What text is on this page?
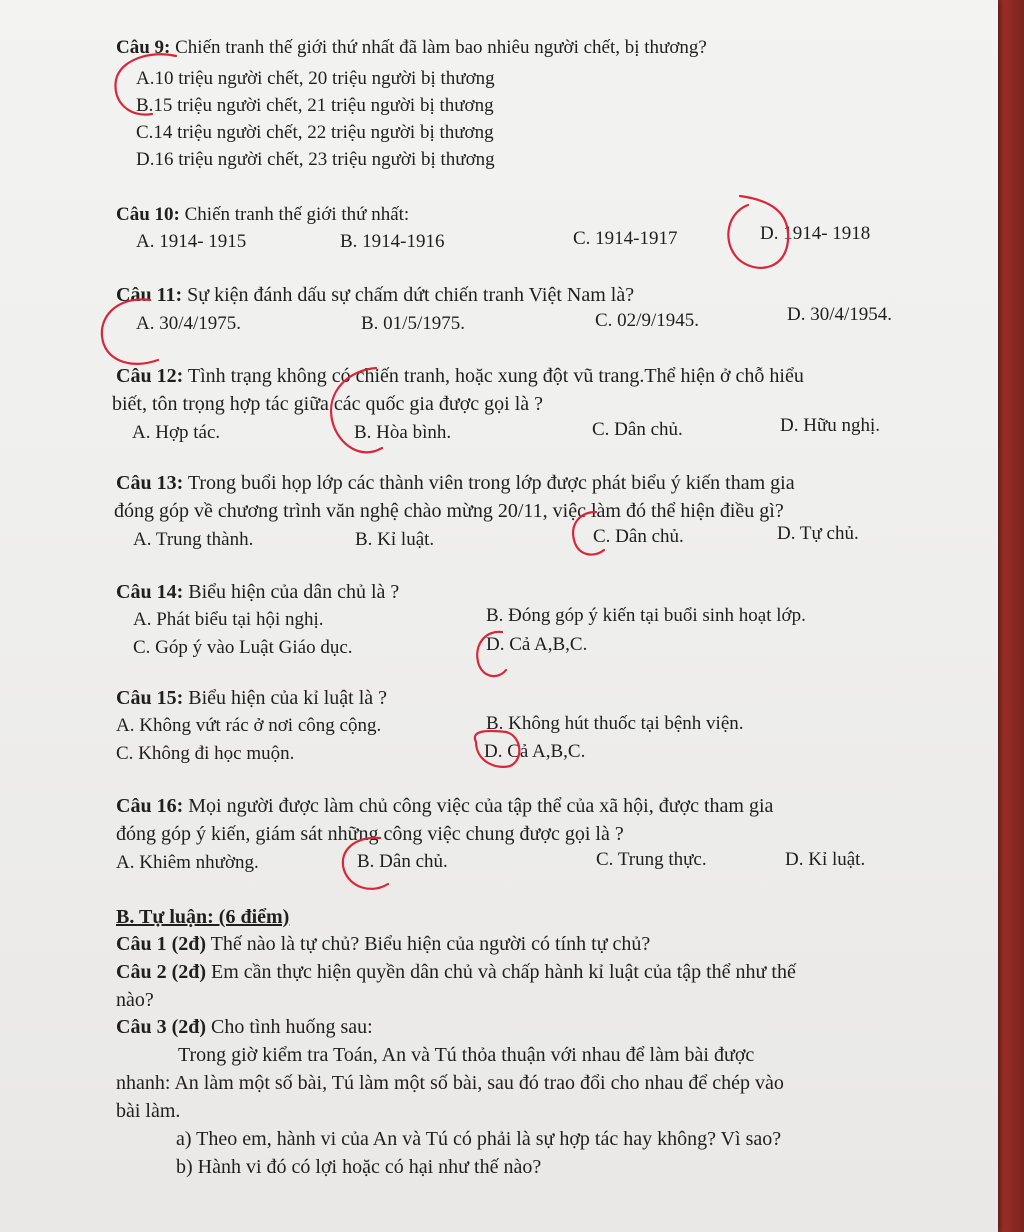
Câu 9: Chiến tranh thế giới thứ nhất đã làm bao nhiêu người chết, bị thương?
A.10 triệu người chết, 20 triệu người bị thương
B.15 triệu người chết, 21 triệu người bị thương
C.14 triệu người chết, 22 triệu người bị thương
D.16 triệu người chết, 23 triệu người bị thương
Câu 10: Chiến tranh thế giới thứ nhất:
A. 1914- 1915	B. 1914-1916	C. 1914-1917	D. 1914- 1918
Câu 11: Sự kiện đánh dấu sự chấm dứt chiến tranh Việt Nam là?
A. 30/4/1975.	B. 01/5/1975.	C. 02/9/1945.	D. 30/4/1954.
Câu 12: Tình trạng không có chiến tranh, hoặc xung đột vũ trang.Thể hiện ở chỗ hiểu
biết, tôn trọng hợp tác giữa các quốc gia được gọi là ?
A. Hợp tác.	B. Hòa bình.	C. Dân chủ.	D. Hữu nghị.
Câu 13: Trong buổi họp lớp các thành viên trong lớp được phát biểu ý kiến tham gia
đóng góp về chương trình văn nghệ chào mừng 20/11, việc làm đó thể hiện điều gì?
A. Trung thành.	B. Kỉ luật.	C. Dân chủ.	D. Tự chủ.
Câu 14: Biểu hiện của dân chủ là ?
A. Phát biểu tại hội nghị.	B. Đóng góp ý kiến tại buổi sinh hoạt lớp.
C. Góp ý vào Luật Giáo dục.	D. Cả A,B,C.
Câu 15: Biểu hiện của kỉ luật là ?
A. Không vứt rác ở nơi công cộng.	B. Không hút thuốc tại bệnh viện.
C. Không đi học muộn.	D. Cả A,B,C.
Câu 16: Mọi người được làm chủ công việc của tập thể của xã hội, được tham gia
đóng góp ý kiến, giám sát những công việc chung được gọi là ?
A. Khiêm nhường.	B. Dân chủ.	C. Trung thực.	D. Kỉ luật.
B. Tự luận: (6 điểm)
Câu 1 (2đ) Thế nào là tự chủ? Biểu hiện của người có tính tự chủ?
Câu 2 (2đ) Em cần thực hiện quyền dân chủ và chấp hành kỉ luật của tập thể như thế
nào?
Câu 3 (2đ) Cho tình huống sau:
Trong giờ kiểm tra Toán, An và Tú thỏa thuận với nhau để làm bài được
nhanh: An làm một số bài, Tú làm một số bài, sau đó trao đổi cho nhau để chép vào
bài làm.
a) Theo em, hành vi của An và Tú có phải là sự hợp tác hay không? Vì sao?
b) Hành vi đó có lợi hoặc có hại như thế nào?
